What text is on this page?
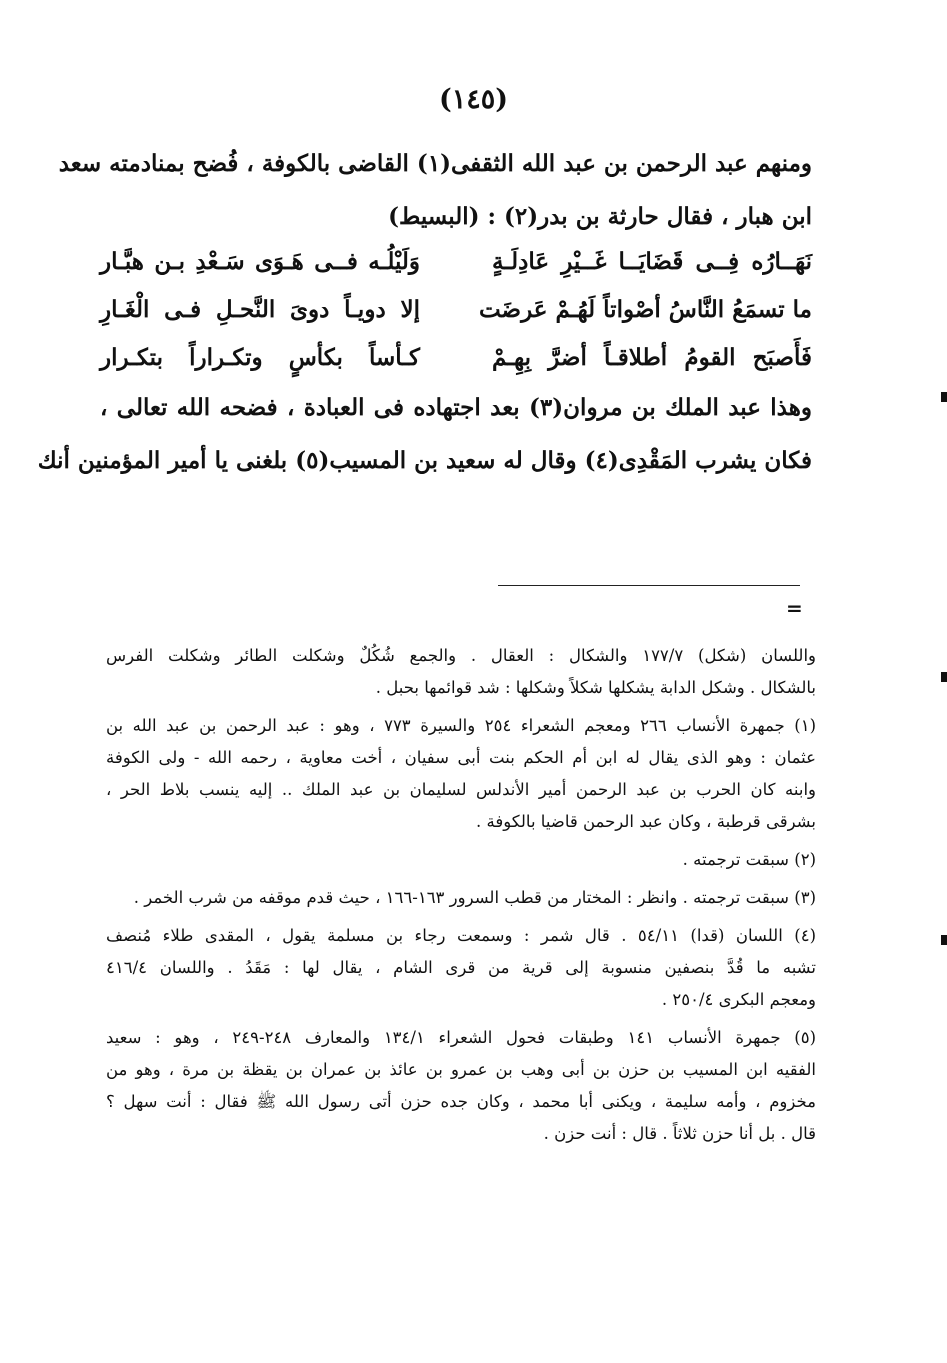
(١٤٥)

ومنهم عبد الرحمن بن عبد الله الثقفى(١) القاضى بالكوفة ، فُضح بمنادمته سعد

ابن هبار ، فقال حارثة بن بدر(٢) : (البسيط)

نَهَــارُه فِــى قَضَايَــا غَــيْرِ عَادِلَـةٍ
وَلَيْلُـه فــى هَـوَى سَـعْدِ بـن هبَّـار
ما تسمَعُ النَّاسُ أصْواتاً لَهُـمْ عَرضَت
إلا دويـاً دوىَ النَّحـلِ فـى الْغَـارِ
فَأَصبَح القومُ أطلاقـاً أضرَّ بِهِـمْ
كـأساً بكأسٍ وتكـراراً بتكـرار

وهذا عبد الملك بن مروان(٣) بعد اجتهاده فى العبادة ، فضحه الله تعالى ،

فكان يشرب المَقْدِى(٤) وقال له سعيد بن المسيب(٥) بلغنى يا أمير المؤمنين أنك

=

واللسان (شكل) ١٧٧/٧ والشكال : العقال . والجمع شُكُلٌ وشكلت الطائر وشكلت الفرس

بالشكال . وشكل الدابة يشكلها شكلاً وشكلها : شد قوائمها بحبل .

(١) جمهرة الأنساب ٢٦٦ ومعجم الشعراء ٢٥٤ والسيرة ٧٧٣ ، وهو : عبد الرحمن بن عبد الله بن

عثمان : وهو الذى يقال له ابن أم الحكم بنت أبى سفيان ، أخت معاوية ، رحمه الله - ولى الكوفة

وابنه كان الحرب بن عبد الرحمن أمير الأندلس لسليمان بن عبد الملك .. إليه ينسب بلاط الحر ،

بشرقى قرطبة ، وكان عبد الرحمن قاضيا بالكوفة .

(٢) سبقت ترجمته .

(٣) سبقت ترجمته . وانظر : المختار من قطب السرور ١٦٣-١٦٦ ، حيث قدم موقفه من شرب الخمر .

(٤) اللسان (قدا) ٥٤/١١ . قال شمر : وسمعت رجاء بن مسلمة يقول ، المقدى طلاء مُنصف

تشبه ما قُدَّ بنصفين منسوبة إلى قرية من قرى الشام ، يقال لها : مَقَدُ . واللسان ٤١٦/٤

ومعجم البكرى ٢٥٠/٤ .

(٥) جمهرة الأنساب ١٤١ وطبقات فحول الشعراء ١٣٤/١ والمعارف ٢٤٨-٢٤٩ ، وهو : سعيد

الفقيه ابن المسيب بن حزن بن أبى وهب بن عمرو بن عائذ بن عمران بن يقظة بن مرة ، وهو من

مخزوم ، وأمه سليمة ، ويكنى أبا محمد ، وكان جده حزن أتى رسول الله ﷺ فقال : أنت سهل ؟

قال . بل أنا حزن ثلاثاً . قال : أنت حزن .
